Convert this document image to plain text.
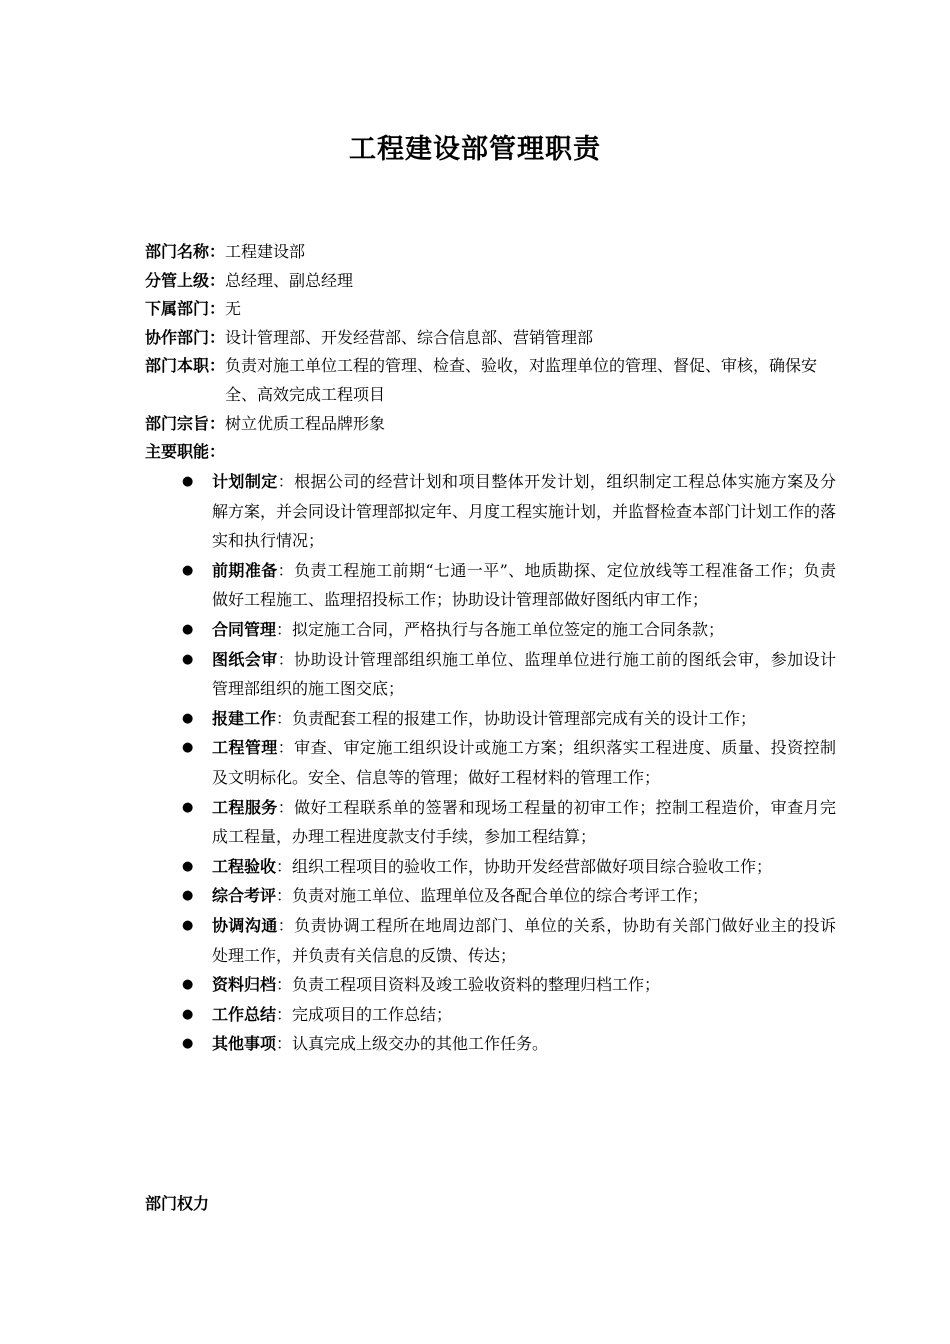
工程建设部管理职责
部门名称 ： 工程建设部
分管上级 ： 总经理、副总经理
下属部门 ： 无
协作部门 ： 设计管理部、开发经营部、综合信息部、营销管理部
部门本职 ： 负责对施工单位工程的管理、检查、验收，对监理单位的管理、督促、审核，确保安全、高效完成工程项目
部门宗旨 ： 树立优质工程品牌形象
主要职能 ：
●	计划制定：根据公司的经营计划和项目整体开发计划，组织制定工程总体实施方案及分解方案，并会同设计管理部拟定年、月度工程实施计划，并监督检查本部门计划工作的落实和执行情况；
●	前期准备：负责工程施工前期“七通一平”、地质勘探、定位放线等工程准备工作；负责做好工程施工、监理招投标工作；协助设计管理部做好图纸内审工作；
●	合同管理：拟定施工合同，严格执行与各施工单位签定的施工合同条款；
●	图纸会审：协助设计管理部组织施工单位、监理单位进行施工前的图纸会审，参加设计管理部组织的施工图交底；
●	报建工作：负责配套工程的报建工作，协助设计管理部完成有关的设计工作；
●	工程管理：审查、审定施工组织设计或施工方案；组织落实工程进度、质量、投资控制及文明标化。安全、信息等的管理；做好工程材料的管理工作；
●	工程服务：做好工程联系单的签署和现场工程量的初审工作；控制工程造价，审查月完成工程量，办理工程进度款支付手续，参加工程结算；
●	工程验收：组织工程项目的验收工作，协助开发经营部做好项目综合验收工作；
●	综合考评：负责对施工单位、监理单位及各配合单位的综合考评工作；
●	协调沟通：负责协调工程所在地周边部门、单位的关系，协助有关部门做好业主的投诉处理工作，并负责有关信息的反馈、传达；
●	资料归档：负责工程项目资料及竣工验收资料的整理归档工作；
●	工作总结：完成项目的工作总结；
●	其他事项：认真完成上级交办的其他工作任务。
部门权力
